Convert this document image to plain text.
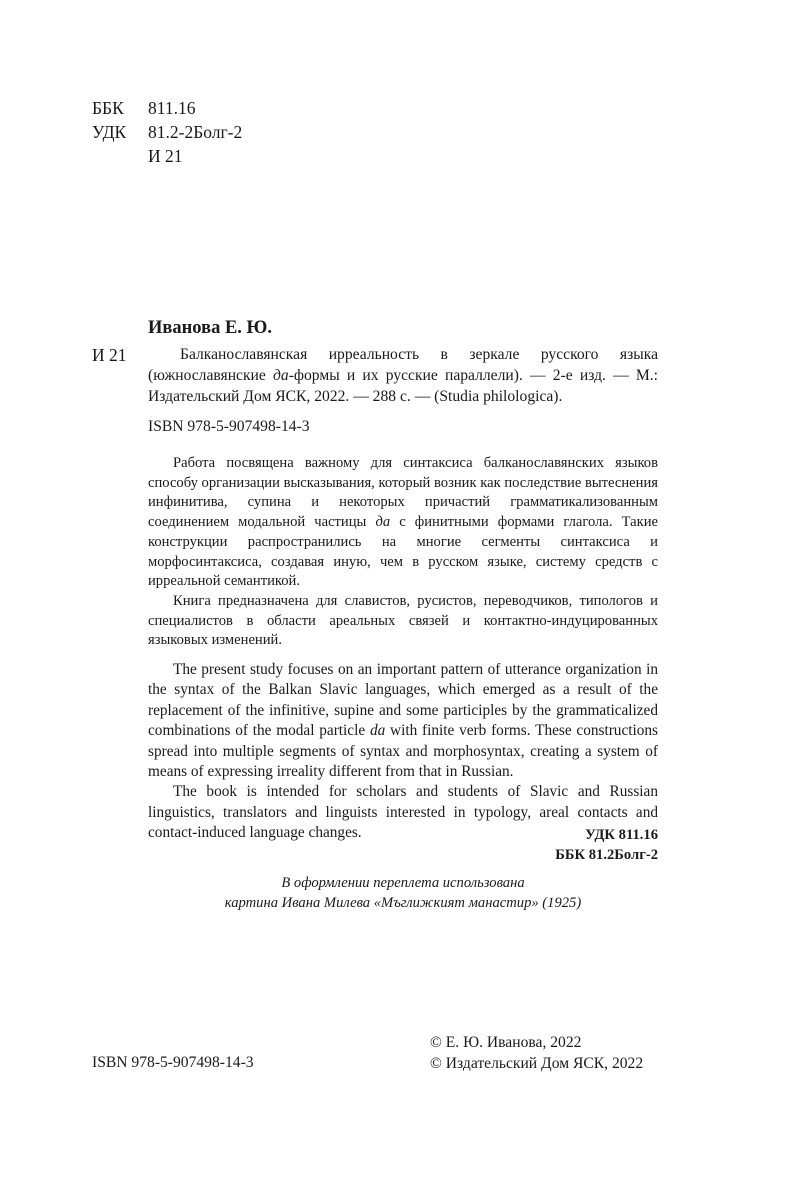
ББК 811.16
УДК 81.2-2Болг-2
И 21
Иванова Е. Ю.
И 21	Балканославянская ирреальность в зеркале русского языка (южнославянские да-формы и их русские параллели). — 2-е изд. — М.: Издательский Дом ЯСК, 2022. — 288 с. — (Studia philologica).

ISBN 978-5-907498-14-3

Работа посвящена важному для синтаксиса балканославянских языков способу организации высказывания, который возник как последствие вытеснения инфинитива, супина и некоторых причастий грамматикализованным соединением модальной частицы да с финитными формами глагола. Такие конструкции распространились на многие сегменты синтаксиса и морфосинтаксиса, создавая иную, чем в русском языке, систему средств с ирреальной семантикой.

Книга предназначена для славистов, русистов, переводчиков, типологов и специалистов в области ареальных связей и контактно-индуцированных языковых изменений.

The present study focuses on an important pattern of utterance organization in the syntax of the Balkan Slavic languages, which emerged as a result of the replacement of the infinitive, supine and some participles by the grammaticalized combinations of the modal particle da with finite verb forms. These constructions spread into multiple segments of syntax and morphosyntax, creating a system of means of expressing irreality different from that in Russian.

The book is intended for scholars and students of Slavic and Russian linguistics, translators and linguists interested in typology, areal contacts and contact-induced language changes.	УДК 811.16
ББК 81.2Болг-2
В оформлении переплета использована
картина Ивана Милева «Мъглижкият манастир» (1925)
© Е. Ю. Иванова, 2022
© Издательский Дом ЯСК, 2022
ISBN 978-5-907498-14-3
